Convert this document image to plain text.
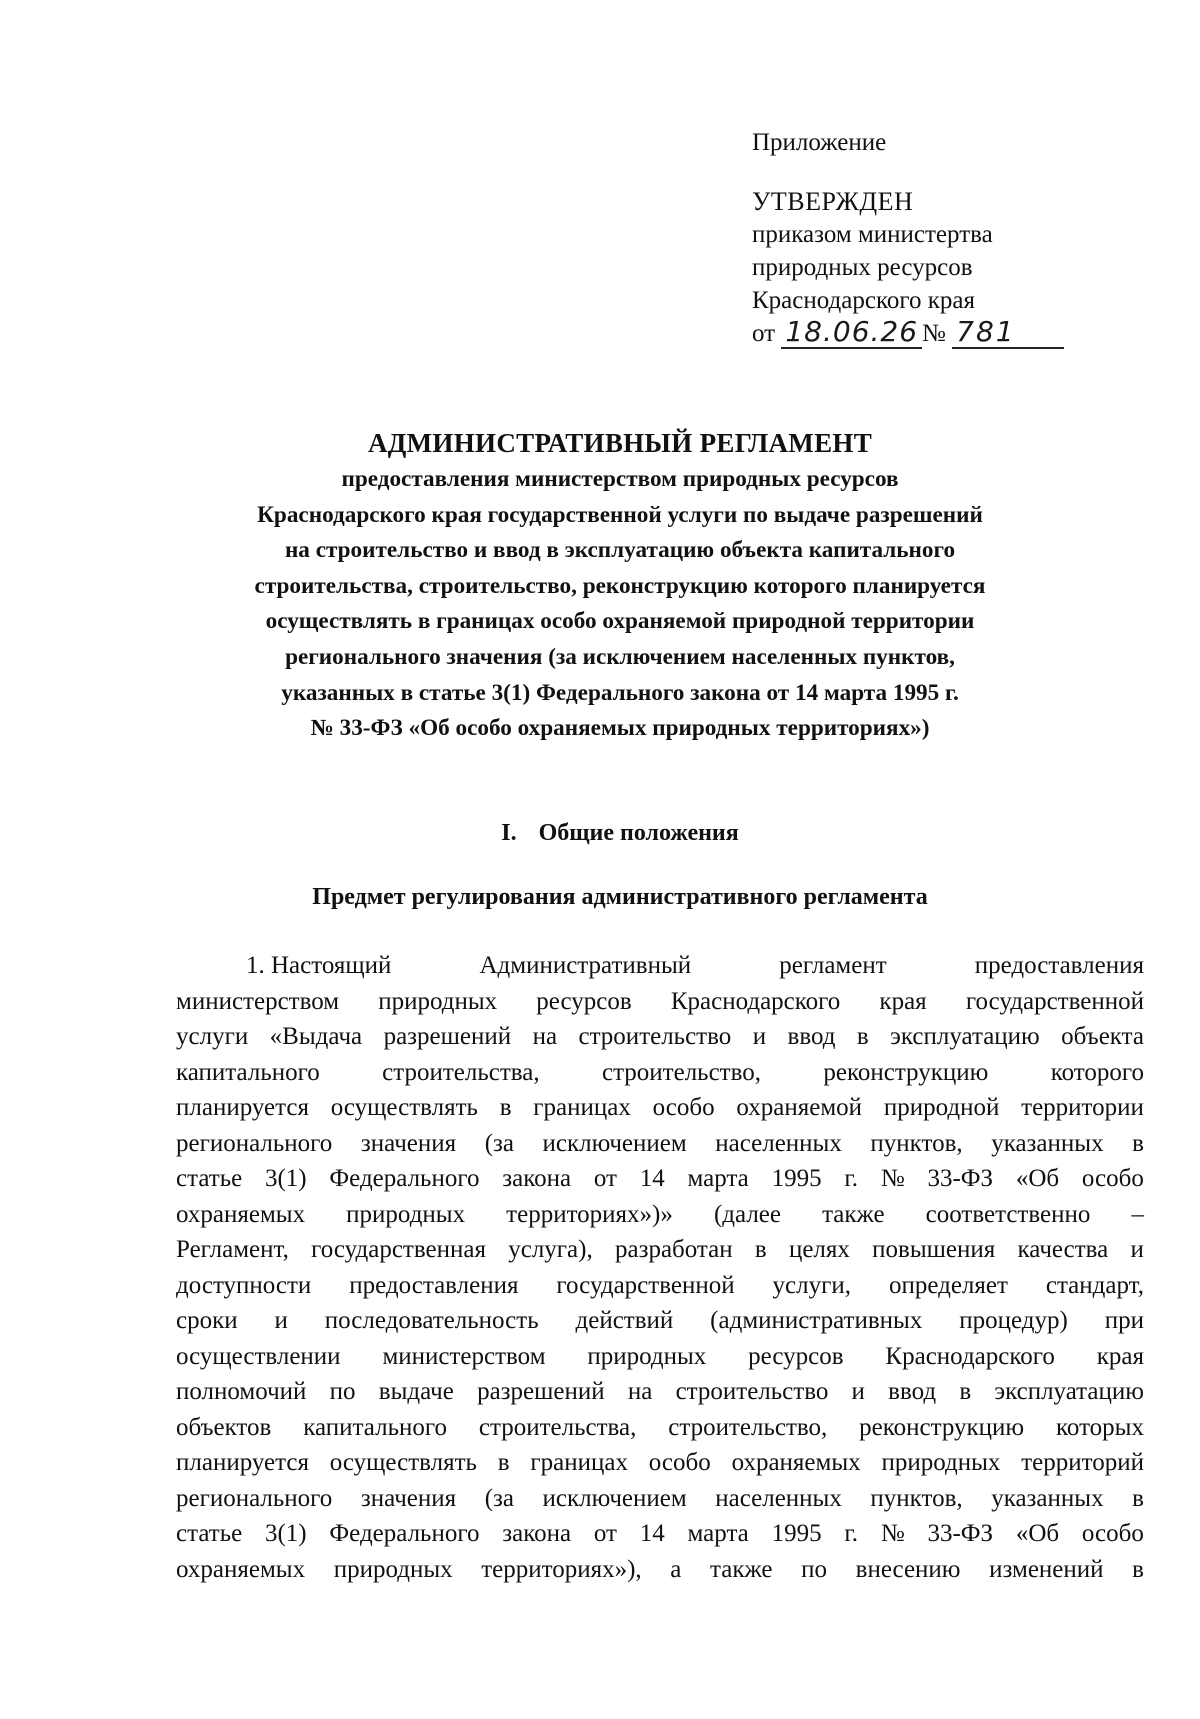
Приложение
УТВЕРЖДЕН
приказом министертва
природных ресурсов
Краснодарского края
от 18.06.26 № 781
АДМИНИСТРАТИВНЫЙ РЕГЛАМЕНТ
предоставления министерством природных ресурсов
Краснодарского края государственной услуги по выдаче разрешений
на строительство и ввод в эксплуатацию объекта капитального
строительства, строительство, реконструкцию которого планируется
осуществлять в границах особо охраняемой природной территории
регионального значения (за исключением населенных пунктов,
указанных в статье 3(1) Федерального закона от 14 марта 1995 г.
№ 33-ФЗ «Об особо охраняемых природных территориях»)
I. Общие положения
Предмет регулирования административного регламента
1. Настоящий	Административный	регламент	предоставления
министерством природных ресурсов Краснодарского края государственной
услуги «Выдача разрешений на строительство и ввод в эксплуатацию объекта
капитального строительства, строительство, реконструкцию которого
планируется осуществлять в границах особо охраняемой природной территории
регионального значения (за исключением населенных пунктов, указанных в
статье 3(1) Федерального закона от 14 марта 1995 г. № 33-ФЗ «Об особо
охраняемых природных территориях»)» (далее также соответственно –
Регламент, государственная услуга), разработан в целях повышения качества и
доступности предоставления государственной услуги, определяет стандарт,
сроки и последовательность действий (административных процедур) при
осуществлении министерством природных ресурсов Краснодарского края
полномочий по выдаче разрешений на строительство и ввод в эксплуатацию
объектов капитального строительства, строительство, реконструкцию которых
планируется осуществлять в границах особо охраняемых природных территорий
регионального значения (за исключением населенных пунктов, указанных в
статье 3(1) Федерального закона от 14 марта 1995 г. № 33-ФЗ «Об особо
охраняемых природных территориях»), а также по внесению изменений в
